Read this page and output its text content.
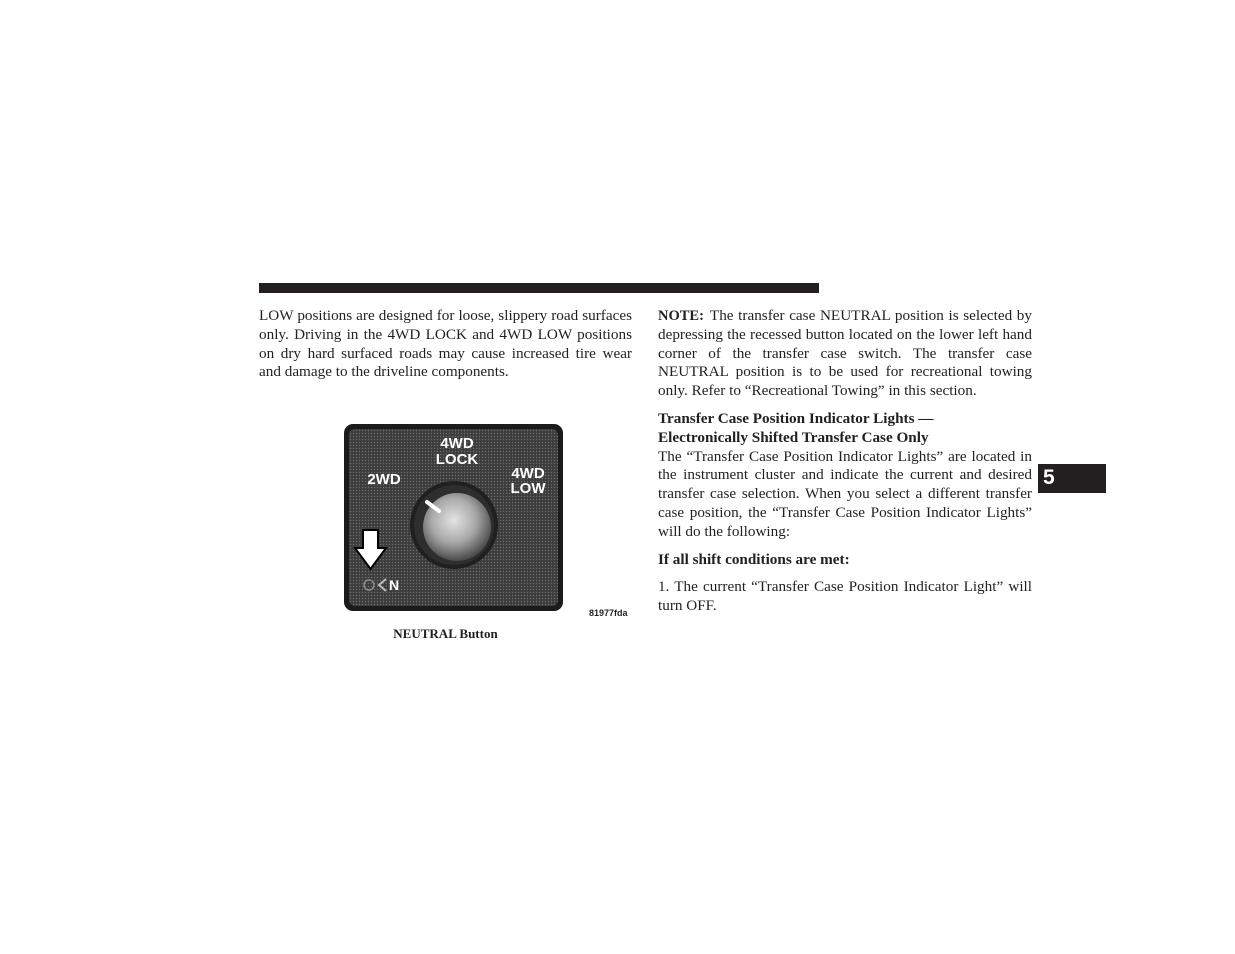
LOW positions are designed for loose, slippery road surfaces only. Driving in the 4WD LOCK and 4WD LOW positions on dry hard surfaced roads may cause increased tire wear and damage to the driveline components.

4WD
LOCK
2WD	4WD
LOW
N
81977fda
NEUTRAL Button

NOTE: The transfer case NEUTRAL position is selected by depressing the recessed button located on the lower left hand corner of the transfer case switch. The transfer case NEUTRAL position is to be used for recreational towing only. Refer to “Recreational Towing” in this section.

Transfer Case Position Indicator Lights —
Electronically Shifted Transfer Case Only

The “Transfer Case Position Indicator Lights” are located in the instrument cluster and indicate the current and desired transfer case selection. When you select a different transfer case position, the “Transfer Case Position Indicator Lights” will do the following:

If all shift conditions are met:

1. The current “Transfer Case Position Indicator Light” will turn OFF.

5
